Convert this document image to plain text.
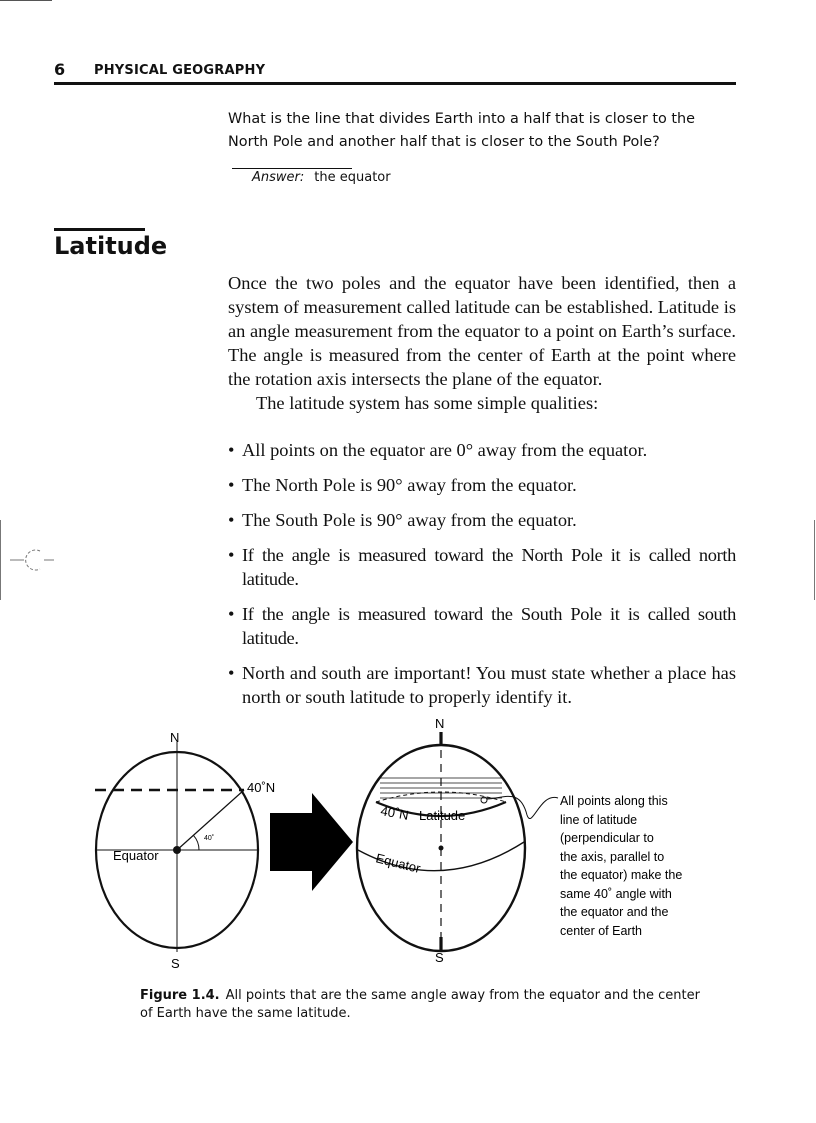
6 PHYSICAL GEOGRAPHY
What is the line that divides Earth into a half that is closer to the North Pole and another half that is closer to the South Pole?
Answer: the equator
Latitude

Once the two poles and the equator have been identified, then a system of measurement called latitude can be established. Latitude is an angle measurement from the equator to a point on Earth’s surface. The angle is measured from the center of Earth at the point where the rotation axis intersects the plane of the equator.

The latitude system has some simple qualities:
• All points on the equator are 0° away from the equator.
• The North Pole is 90° away from the equator.
• The South Pole is 90° away from the equator.
• If the angle is measured toward the North Pole it is called north latitude.
• If the angle is measured toward the South Pole it is called south latitude.
• North and south are important! You must state whether a place has north or south latitude to properly identify it.
N
S
40˚N
40˚
Equator
N
S
40˚N Latitude
Equator
All points along this
line of latitude
(perpendicular to
the axis, parallel to
the equator) make the
same 40˚ angle with
the equator and the
center of Earth

Figure 1.4. All points that are the same angle away from the equator and the center of Earth have the same latitude.
